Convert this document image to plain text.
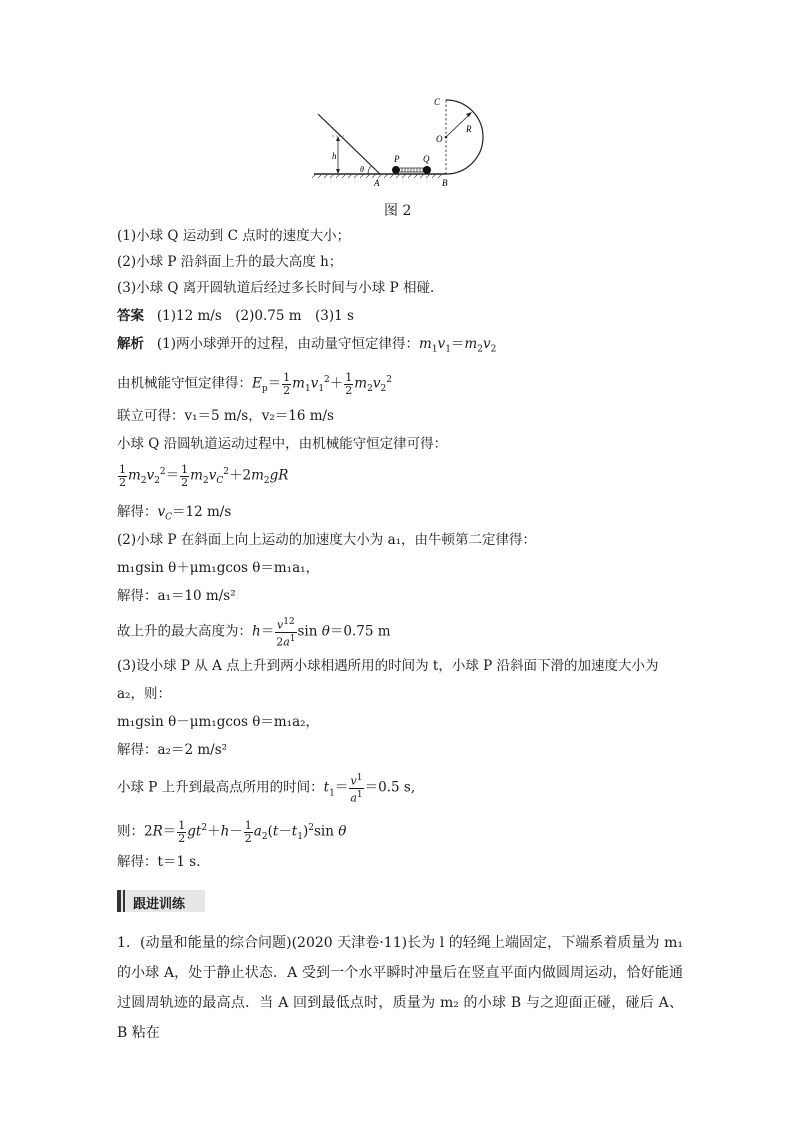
C
O
R
h
θ
A
P	Q
B
图 2
(1)小球 Q 运动到 C 点时的速度大小；
(2)小球 P 沿斜面上升的最大高度 h；
(3)小球 Q 离开圆轨道后经过多长时间与小球 P 相碰．
答案 (1)12 m/s　(2)0.75 m　(3)1 s
解析 (1)两小球弹开的过程，由动量守恒定律得：$m_1v_1=m_2v_2$
由机械能守恒定律得：$E_p= \frac{1}{2} m_1v_1^2+ \frac{1}{2} m_2v_2^2$
联立可得：v₁＝5 m/s，v₂＝16 m/s
小球 Q 沿圆轨道运动过程中，由机械能守恒定律可得：
$\frac{1}{2} m_2v_2^2= \frac{1}{2} m_2v_C^2+2m_2gR$
解得：$v_C=12$ m/s
(2)小球 P 在斜面上向上运动的加速度大小为 a₁，由牛顿第二定律得：
m₁gsin θ＋μm₁gcos θ＝m₁a₁，
解得：a₁＝10 m/s²
故上升的最大高度为：$h= \frac{v^{12}}{2a^1}$ sin θ＝0.75 m
(3)设小球 P 从 A 点上升到两小球相遇所用的时间为 t，小球 P 沿斜面下滑的加速度大小为
a₂，则：
m₁gsin θ－μm₁gcos θ＝m₁a₂，
解得：a₂＝2 m/s²
小球 P 上升到最高点所用的时间：$t_1= \frac{v^1}{a^1} =0.5$ s,
则：$2R= \frac{1}{2} gt^2+h- \frac{1}{2} a_2(t-t_1)^2\sin$ θ
解得：t＝1 s.
跟进训练
1．(动量和能量的综合问题)(2020 天津卷·11)长为 l 的轻绳上端固定，下端系着质量为 m₁ 的小球 A，处于静止状态．A 受到一个水平瞬时冲量后在竖直平面内做圆周运动，恰好能通过圆周轨迹的最高点．当 A 回到最低点时，质量为 m₂ 的小球 B 与之迎面正碰，碰后 A、B 粘在
